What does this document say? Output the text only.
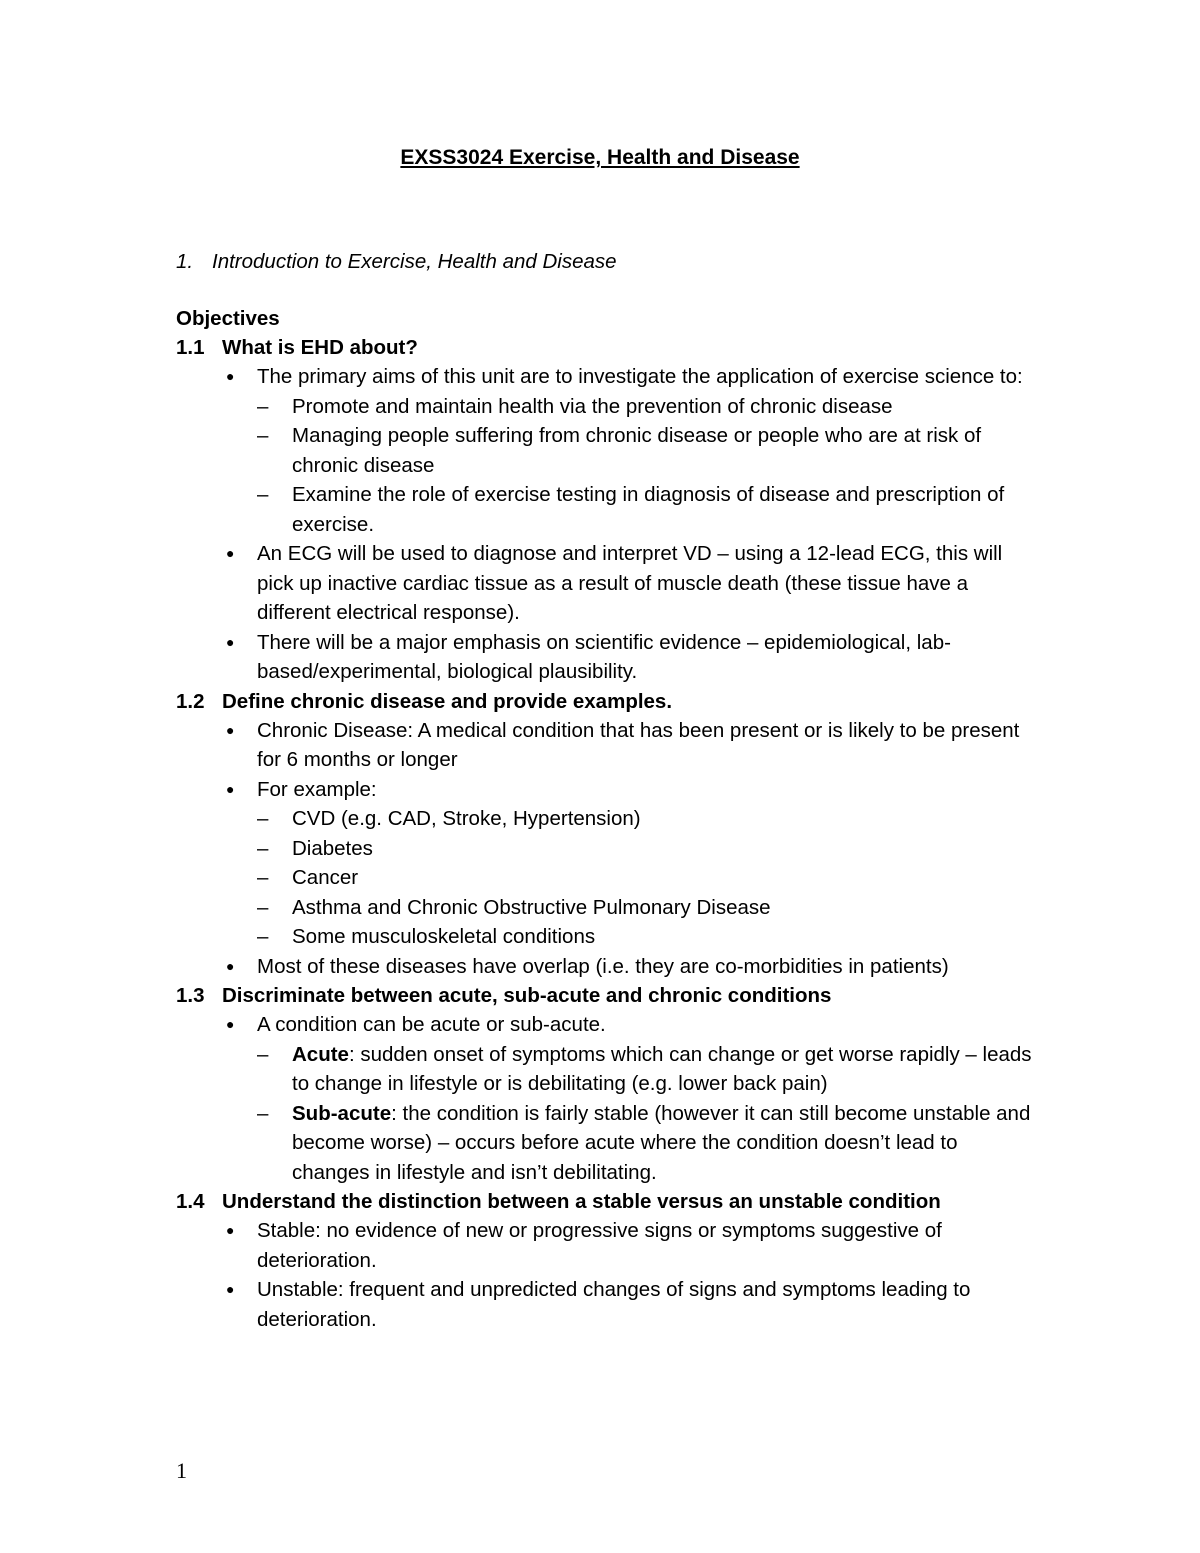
EXSS3024 Exercise, Health and Disease
1. Introduction to Exercise, Health and Disease
Objectives
1.1 What is EHD about?
●	The primary aims of this unit are to investigate the application of exercise science to:
–	Promote and maintain health via the prevention of chronic disease
–	Managing people suffering from chronic disease or people who are at risk of chronic disease
–	Examine the role of exercise testing in diagnosis of disease and prescription of exercise.
●	An ECG will be used to diagnose and interpret VD – using a 12-lead ECG, this will pick up inactive cardiac tissue as a result of muscle death (these tissue have a different electrical response).
●	There will be a major emphasis on scientific evidence – epidemiological, lab-based/experimental, biological plausibility.
1.2 Define chronic disease and provide examples.
●	Chronic Disease: A medical condition that has been present or is likely to be present for 6 months or longer
●	For example:
–	CVD (e.g. CAD, Stroke, Hypertension)
–	Diabetes
–	Cancer
–	Asthma and Chronic Obstructive Pulmonary Disease
–	Some musculoskeletal conditions
●	Most of these diseases have overlap (i.e. they are co-morbidities in patients)
1.3 Discriminate between acute, sub-acute and chronic conditions
●	A condition can be acute or sub-acute.
–	Acute: sudden onset of symptoms which can change or get worse rapidly – leads to change in lifestyle or is debilitating (e.g. lower back pain)
–	Sub-acute: the condition is fairly stable (however it can still become unstable and become worse) – occurs before acute where the condition doesn’t lead to changes in lifestyle and isn’t debilitating.
1.4 Understand the distinction between a stable versus an unstable condition
●	Stable: no evidence of new or progressive signs or symptoms suggestive of deterioration.
●	Unstable: frequent and unpredicted changes of signs and symptoms leading to deterioration.
1
